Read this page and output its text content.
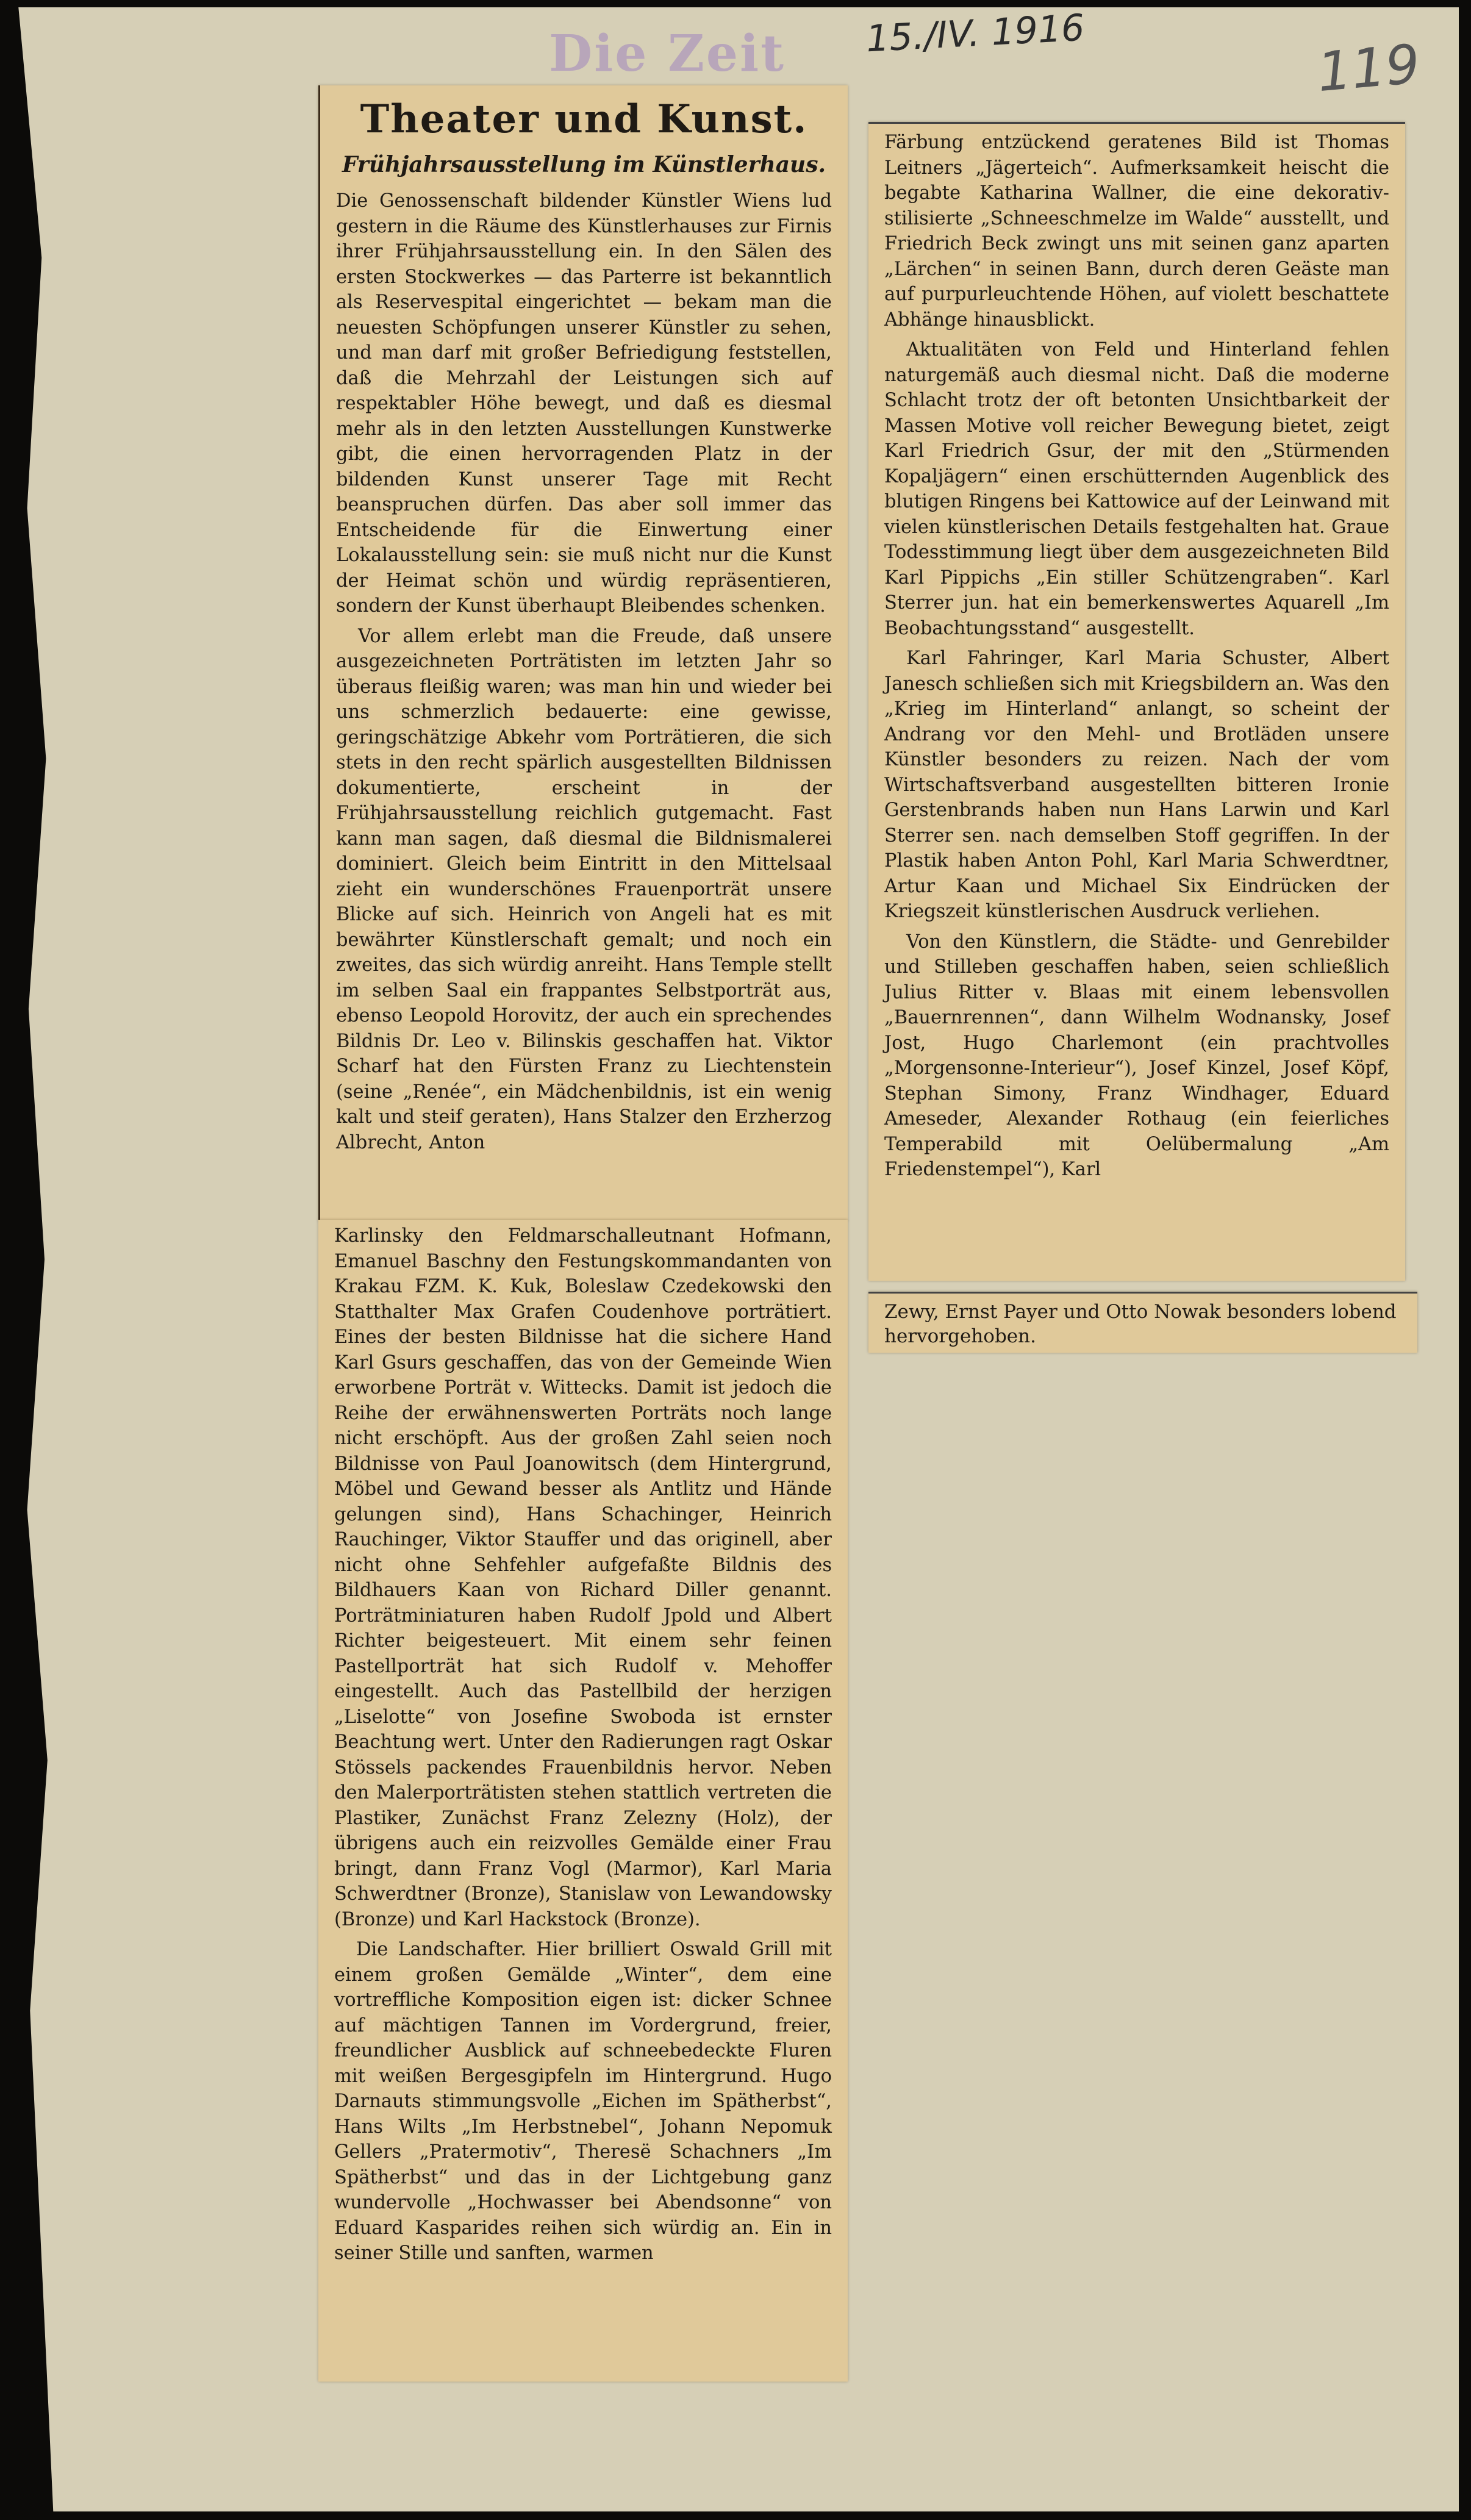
Die Zeit 15./IV. 1916	119
Theater und Kunst.
Frühjahrsausstellung im Künstlerhaus.

Die Genossenschaft bildender Künstler Wiens lud gestern in die Räume des Künstlerhauses zur Firnis ihrer Frühjahrsausstellung ein. In den Sälen des ersten Stockwerkes — das Parterre ist bekanntlich als Reservespital eingerichtet — bekam man die neuesten Schöpfungen unserer Künstler zu sehen, und man darf mit großer Befriedigung feststellen, daß die Mehrzahl der Leistungen sich auf respektabler Höhe bewegt, und daß es diesmal mehr als in den letzten Ausstellungen Kunstwerke gibt, die einen hervorragenden Platz in der bildenden Kunst unserer Tage mit Recht beanspruchen dürfen. Das aber soll immer das Entscheidende für die Einwertung einer Lokalausstellung sein: sie muß nicht nur die Kunst der Heimat schön und würdig repräsentieren, sondern der Kunst überhaupt Bleibendes schenken.

Vor allem erlebt man die Freude, daß unsere ausgezeichneten Porträtisten im letzten Jahr so überaus fleißig waren; was man hin und wieder bei uns schmerzlich bedauerte: eine gewisse, geringschätzige Abkehr vom Porträtieren, die sich stets in den recht spärlich ausgestellten Bildnissen dokumentierte, erscheint in der Frühjahrsausstellung reichlich gutgemacht. Fast kann man sagen, daß diesmal die Bildnismalerei dominiert. Gleich beim Eintritt in den Mittelsaal zieht ein wunderschönes Frauenporträt unsere Blicke auf sich. Heinrich von Angeli hat es mit bewährter Künstlerschaft gemalt; und noch ein zweites, das sich würdig anreiht. Hans Temple stellt im selben Saal ein frappantes Selbstporträt aus, ebenso Leopold Horovitz, der auch ein sprechendes Bildnis Dr. Leo v. Bilinskis geschaffen hat. Viktor Scharf hat den Fürsten Franz zu Liechtenstein (seine „Renée“, ein Mädchenbildnis, ist ein wenig kalt und steif geraten), Hans Stalzer den Erzherzog Albrecht, Anton

Karlinsky den Feldmarschalleutnant Hofmann, Emanuel Baschny den Festungskommandanten von Krakau FZM. K. Kuk, Boleslaw Czedekowski den Statthalter Max Grafen Coudenhove porträtiert. Eines der besten Bildnisse hat die sichere Hand Karl Gsurs geschaffen, das von der Gemeinde Wien erworbene Porträt v. Wittecks. Damit ist jedoch die Reihe der erwähnenswerten Porträts noch lange nicht erschöpft. Aus der großen Zahl seien noch Bildnisse von Paul Joanowitsch (dem Hintergrund, Möbel und Gewand besser als Antlitz und Hände gelungen sind), Hans Schachinger, Heinrich Rauchinger, Viktor Stauffer und das originell, aber nicht ohne Sehfehler aufgefaßte Bildnis des Bildhauers Kaan von Richard Diller genannt. Porträtminiaturen haben Rudolf Jpold und Albert Richter beigesteuert. Mit einem sehr feinen Pastellporträt hat sich Rudolf v. Mehoffer eingestellt. Auch das Pastellbild der herzigen „Liselotte“ von Josefine Swoboda ist ernster Beachtung wert. Unter den Radierungen ragt Oskar Stössels packendes Frauenbildnis hervor. Neben den Malerporträtisten stehen stattlich vertreten die Plastiker, Zunächst Franz Zelezny (Holz), der übrigens auch ein reizvolles Gemälde einer Frau bringt, dann Franz Vogl (Marmor), Karl Maria Schwerdtner (Bronze), Stanislaw von Lewandowsky (Bronze) und Karl Hackstock (Bronze).

Die Landschafter. Hier brilliert Oswald Grill mit einem großen Gemälde „Winter“, dem eine vortreffliche Komposition eigen ist: dicker Schnee auf mächtigen Tannen im Vordergrund, freier, freundlicher Ausblick auf schneebedeckte Fluren mit weißen Bergesgipfeln im Hintergrund. Hugo Darnauts stimmungsvolle „Eichen im Spätherbst“, Hans Wilts „Im Herbstnebel“, Johann Nepomuk Gellers „Pratermotiv“, Theresë Schachners „Im Spätherbst“ und das in der Lichtgebung ganz wundervolle „Hochwasser bei Abendsonne“ von Eduard Kasparides reihen sich würdig an. Ein in seiner Stille und sanften, warmen

Färbung entzückend geratenes Bild ist Thomas Leitners „Jägerteich“. Aufmerksamkeit heischt die begabte Katharina Wallner, die eine dekorativ-stilisierte „Schneeschmelze im Walde“ ausstellt, und Friedrich Beck zwingt uns mit seinen ganz aparten „Lärchen“ in seinen Bann, durch deren Geäste man auf purpurleuchtende Höhen, auf violett beschattete Abhänge hinausblickt.

Aktualitäten von Feld und Hinterland fehlen naturgemäß auch diesmal nicht. Daß die moderne Schlacht trotz der oft betonten Unsichtbarkeit der Massen Motive voll reicher Bewegung bietet, zeigt Karl Friedrich Gsur, der mit den „Stürmenden Kopaljägern“ einen erschütternden Augenblick des blutigen Ringens bei Kattowice auf der Leinwand mit vielen künstlerischen Details festgehalten hat. Graue Todesstimmung liegt über dem ausgezeichneten Bild Karl Pippichs „Ein stiller Schützengraben“. Karl Sterrer jun. hat ein bemerkenswertes Aquarell „Im Beobachtungsstand“ ausgestellt.

Karl Fahringer, Karl Maria Schuster, Albert Janesch schließen sich mit Kriegsbildern an. Was den „Krieg im Hinterland“ anlangt, so scheint der Andrang vor den Mehl- und Brotläden unsere Künstler besonders zu reizen. Nach der vom Wirtschaftsverband ausgestellten bitteren Ironie Gerstenbrands haben nun Hans Larwin und Karl Sterrer sen. nach demselben Stoff gegriffen. In der Plastik haben Anton Pohl, Karl Maria Schwerdtner, Artur Kaan und Michael Six Eindrücken der Kriegszeit künstlerischen Ausdruck verliehen.

Von den Künstlern, die Städte- und Genrebilder und Stilleben geschaffen haben, seien schließlich Julius Ritter v. Blaas mit einem lebensvollen „Bauernrennen“, dann Wilhelm Wodnansky, Josef Jost, Hugo Charlemont (ein prachtvolles „Morgensonne-Interieur“), Josef Kinzel, Josef Köpf, Stephan Simony, Franz Windhager, Eduard Ameseder, Alexander Rothaug (ein feierliches Temperabild mit Oelübermalung „Am Friedenstempel“), Karl

Zewy, Ernst Payer und Otto Nowak besonders lobend hervorgehoben.
